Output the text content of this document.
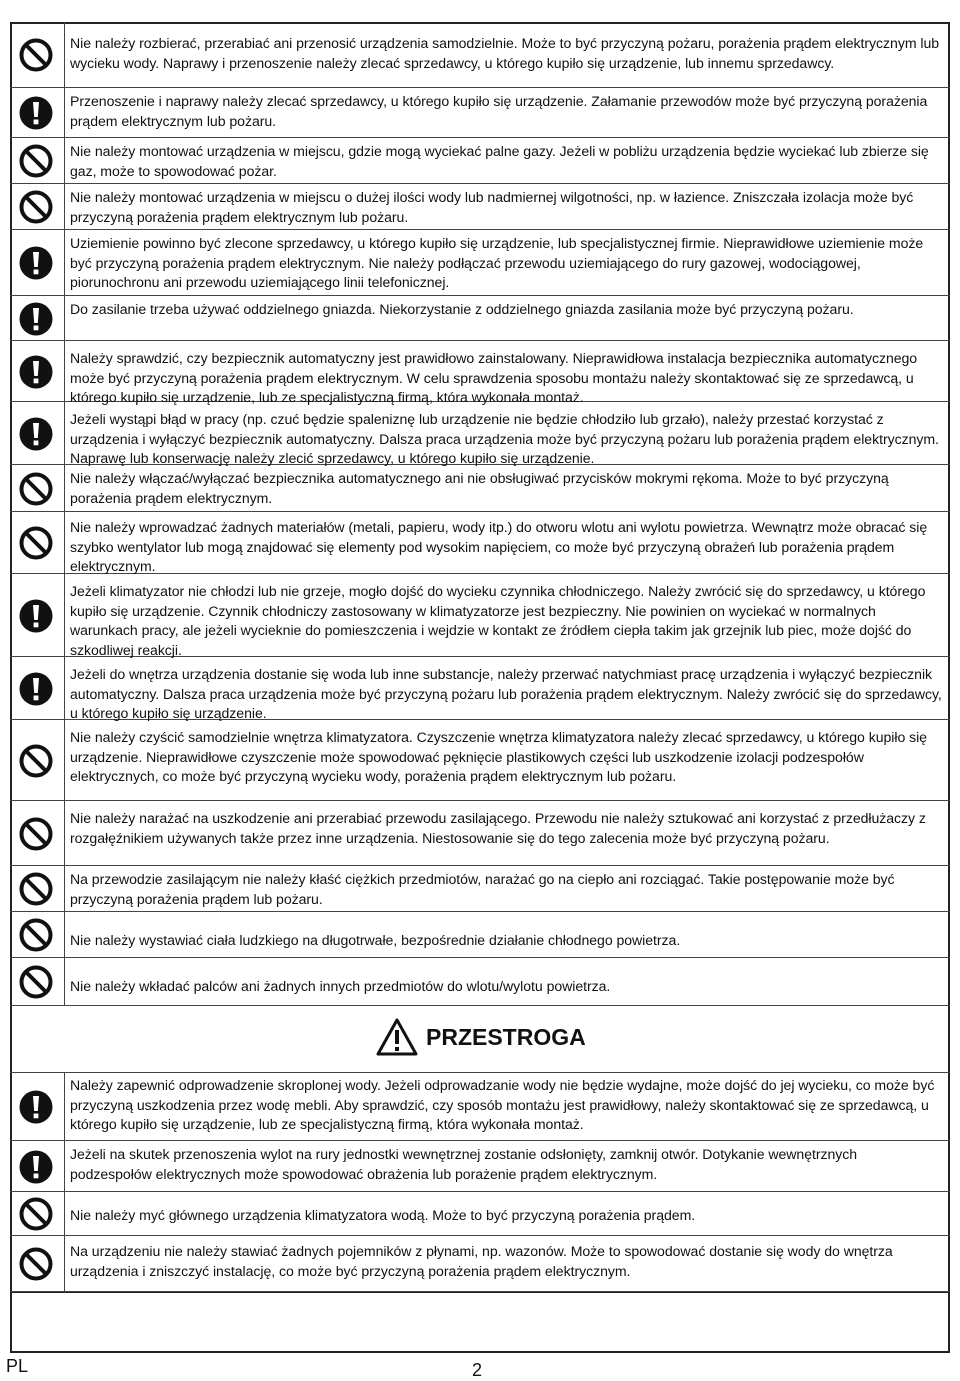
Nie należy rozbierać, przerabiać ani przenosić urządzenia samodzielnie. Może to być przyczyną pożaru, porażenia prądem elektrycznym lub wycieku wody. Naprawy i przenoszenie należy zlecać sprzedawcy, u którego kupiło się urządzenie, lub innemu sprzedawcy.
Przenoszenie i naprawy należy zlecać sprzedawcy, u którego kupiło się urządzenie. Załamanie przewodów może być przyczyną porażenia prądem elektrycznym lub pożaru.
Nie należy montować urządzenia w miejscu, gdzie mogą wyciekać palne gazy. Jeżeli w pobliżu urządzenia będzie wyciekać lub zbierze się gaz, może to spowodować pożar.
Nie należy montować urządzenia w miejscu o dużej ilości wody lub nadmiernej wilgotności, np. w łazience. Zniszczała izolacja może być przyczyną porażenia prądem elektrycznym lub pożaru.
Uziemienie powinno być zlecone sprzedawcy, u którego kupiło się urządzenie, lub specjalistycznej firmie. Nieprawidłowe uziemienie może być przyczyną porażenia prądem elektrycznym. Nie należy podłączać przewodu uziemiającego do rury gazowej, wodociągowej, piorunochronu ani przewodu uziemiającego linii telefonicznej.
Do zasilanie trzeba używać oddzielnego gniazda. Niekorzystanie z oddzielnego gniazda zasilania może być przyczyną pożaru.
Należy sprawdzić, czy bezpiecznik automatyczny jest prawidłowo zainstalowany. Nieprawidłowa instalacja bezpiecznika automatycznego może być przyczyną porażenia prądem elektrycznym. W celu sprawdzenia sposobu montażu należy skontaktować się ze sprzedawcą, u którego kupiło się urządzenie, lub ze specjalistyczną firmą, która wykonała montaż.
Jeżeli wystąpi błąd w pracy (np. czuć będzie spaleniznę lub urządzenie nie będzie chłodziło lub grzało), należy przestać korzystać z urządzenia i wyłączyć bezpiecznik automatyczny. Dalsza praca urządzenia może być przyczyną pożaru lub porażenia prądem elektrycznym. Naprawę lub konserwację należy zlecić sprzedawcy, u którego kupiło się urządzenie.
Nie należy włączać/wyłączać bezpiecznika automatycznego ani nie obsługiwać przycisków mokrymi rękoma. Może to być przyczyną porażenia prądem elektrycznym.
Nie należy wprowadzać żadnych materiałów (metali, papieru, wody itp.) do otworu wlotu ani wylotu powietrza. Wewnątrz może obracać się szybko wentylator lub mogą znajdować się elementy pod wysokim napięciem, co może być przyczyną obrażeń lub porażenia prądem elektrycznym.
Jeżeli klimatyzator nie chłodzi lub nie grzeje, mogło dojść do wycieku czynnika chłodniczego. Należy zwrócić się do sprzedawcy, u którego kupiło się urządzenie. Czynnik chłodniczy zastosowany w klimatyzatorze jest bezpieczny. Nie powinien on wyciekać w normalnych warunkach pracy, ale jeżeli wycieknie do pomieszczenia i wejdzie w kontakt ze źródłem ciepła takim jak grzejnik lub piec, może dojść do szkodliwej reakcji.
Jeżeli do wnętrza urządzenia dostanie się woda lub inne substancje, należy przerwać natychmiast pracę urządzenia i wyłączyć bezpiecznik automatyczny. Dalsza praca urządzenia może być przyczyną pożaru lub porażenia prądem elektrycznym. Należy zwrócić się do sprzedawcy, u którego kupiło się urządzenie.
Nie należy czyścić samodzielnie wnętrza klimatyzatora. Czyszczenie wnętrza klimatyzatora należy zlecać sprzedawcy, u którego kupiło się urządzenie. Nieprawidłowe czyszczenie może spowodować pęknięcie plastikowych części lub uszkodzenie izolacji podzespołów elektrycznych, co może być przyczyną wycieku wody, porażenia prądem elektrycznym lub pożaru.
Nie należy narażać na uszkodzenie ani przerabiać przewodu zasilającego. Przewodu nie należy sztukować ani korzystać z przedłużaczy z rozgałęźnikiem używanych także przez inne urządzenia. Niestosowanie się do tego zalecenia może być przyczyną pożaru.
Na przewodzie zasilającym nie należy kłaść ciężkich przedmiotów, narażać go na ciepło ani rozciągać. Takie postępowanie może być przyczyną porażenia prądem lub pożaru.
Nie należy wystawiać ciała ludzkiego na długotrwałe, bezpośrednie działanie chłodnego powietrza.
Nie należy wkładać palców ani żadnych innych przedmiotów do wlotu/wylotu powietrza.
Należy zapewnić odprowadzenie skroplonej wody. Jeżeli odprowadzanie wody nie będzie wydajne, może dojść do jej wycieku, co może być przyczyną uszkodzenia przez wodę mebli. Aby sprawdzić, czy sposób montażu jest prawidłowy, należy skontaktować się ze sprzedawcą, u którego kupiło się urządzenie, lub ze specjalistyczną firmą, która wykonała montaż.
Jeżeli na skutek przenoszenia wylot na rury jednostki wewnętrznej zostanie odsłonięty, zamknij otwór. Dotykanie wewnętrznych podzespołów elektrycznych może spowodować obrażenia lub porażenie prądem elektrycznym.
Nie należy myć głównego urządzenia klimatyzatora wodą. Może to być przyczyną porażenia prądem.
Na urządzeniu nie należy stawiać żadnych pojemników z płynami, np. wazonów. Może to spowodować dostanie się wody do wnętrza urządzenia i zniszczyć instalację, co może być przyczyną porażenia prądem elektrycznym.
PRZESTROGA
PL	2
